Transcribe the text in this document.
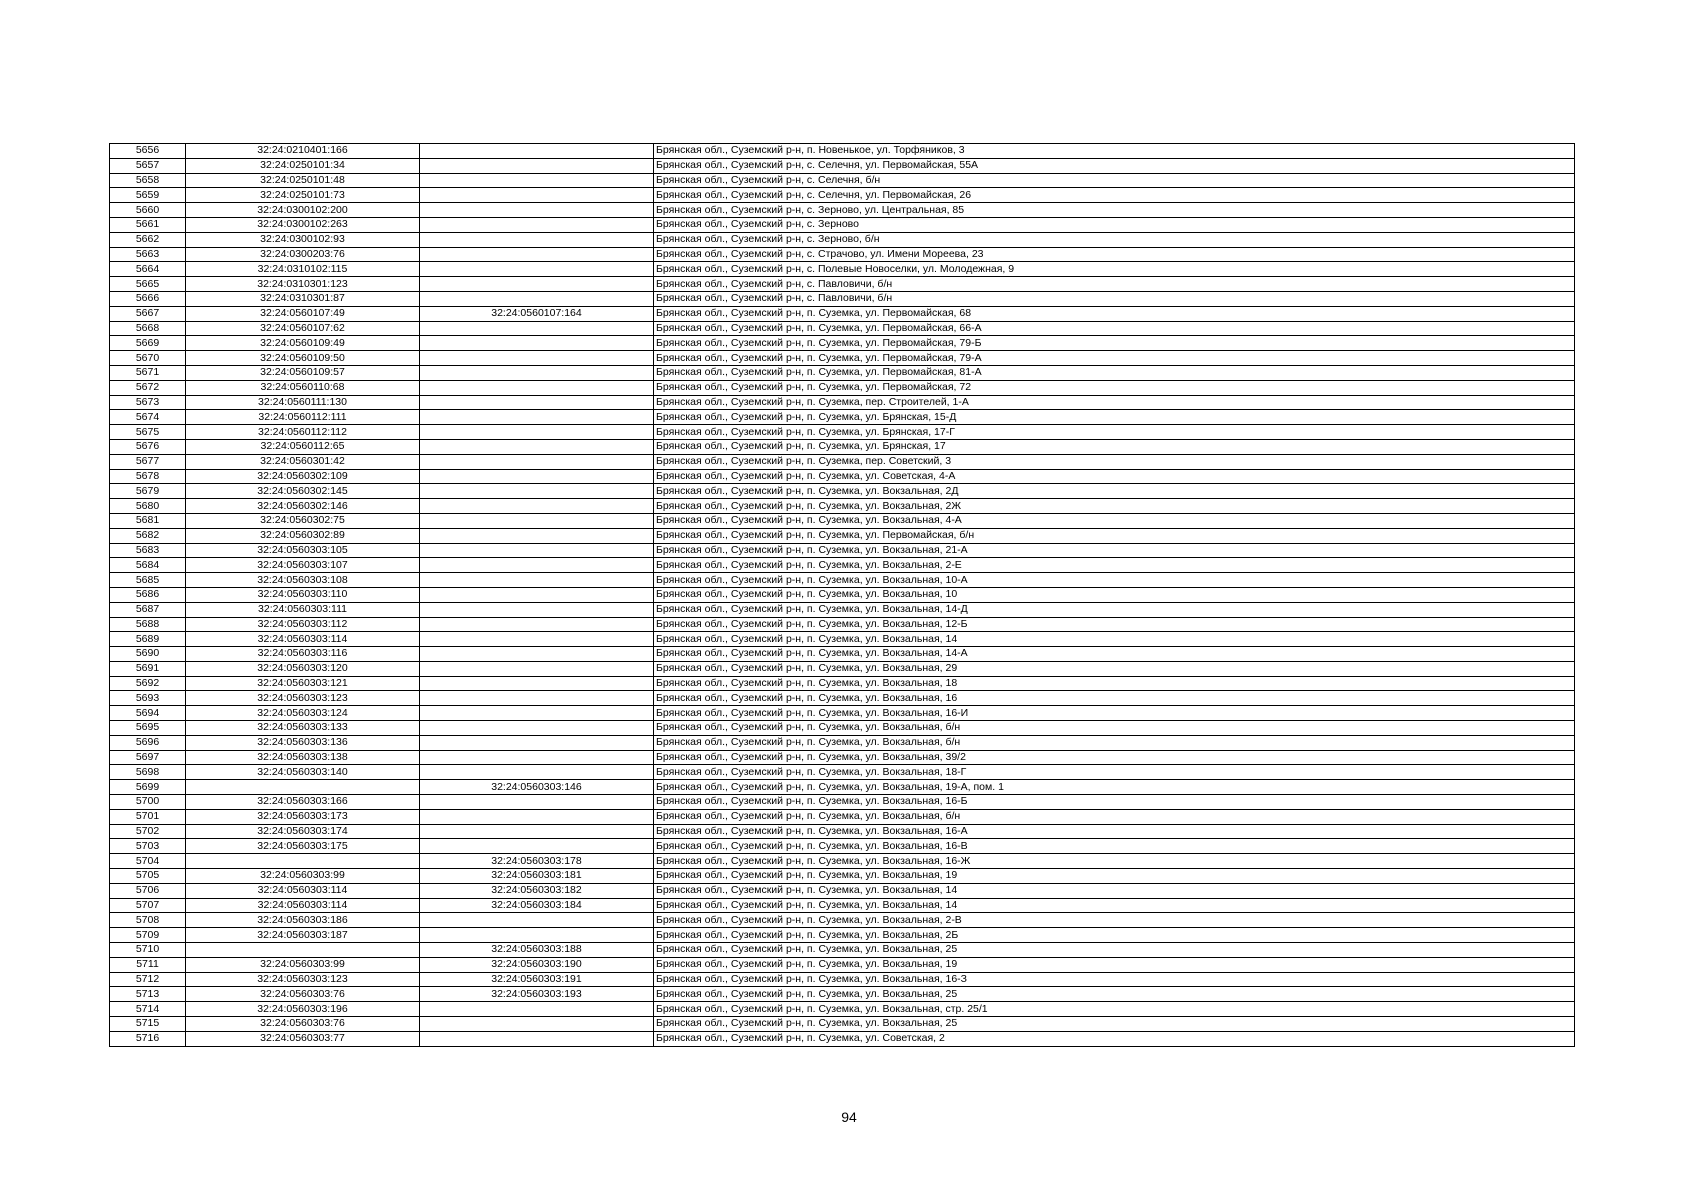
5656	32:24:0210401:166		Брянская обл., Суземский р-н, п. Новенькое, ул. Торфяников, 3
5657	32:24:0250101:34		Брянская обл., Суземский р-н, с. Селечня, ул. Первомайская, 55А
5658	32:24:0250101:48		Брянская обл., Суземский р-н, с. Селечня, б/н
5659	32:24:0250101:73		Брянская обл., Суземский р-н, с. Селечня, ул. Первомайская, 26
5660	32:24:0300102:200		Брянская обл., Суземский р-н, с. Зерново, ул. Центральная, 85
5661	32:24:0300102:263		Брянская обл., Суземский р-н, с. Зерново
5662	32:24:0300102:93		Брянская обл., Суземский р-н, с. Зерново, б/н
5663	32:24:0300203:76		Брянская обл., Суземский р-н, с. Страчово, ул. Имени Мореева, 23
5664	32:24:0310102:115		Брянская обл., Суземский р-н, с. Полевые Новоселки, ул. Молодежная, 9
5665	32:24:0310301:123		Брянская обл., Суземский р-н, с. Павловичи, б/н
5666	32:24:0310301:87		Брянская обл., Суземский р-н, с. Павловичи, б/н
5667	32:24:0560107:49	32:24:0560107:164	Брянская обл., Суземский р-н, п. Суземка, ул. Первомайская, 68
5668	32:24:0560107:62		Брянская обл., Суземский р-н, п. Суземка, ул. Первомайская, 66-А
5669	32:24:0560109:49		Брянская обл., Суземский р-н, п. Суземка, ул. Первомайская, 79-Б
5670	32:24:0560109:50		Брянская обл., Суземский р-н, п. Суземка, ул. Первомайская, 79-А
5671	32:24:0560109:57		Брянская обл., Суземский р-н, п. Суземка, ул. Первомайская, 81-А
5672	32:24:0560110:68		Брянская обл., Суземский р-н, п. Суземка, ул. Первомайская, 72
5673	32:24:0560111:130		Брянская обл., Суземский р-н, п. Суземка, пер. Строителей, 1-А
5674	32:24:0560112:111		Брянская обл., Суземский р-н, п. Суземка, ул. Брянская, 15-Д
5675	32:24:0560112:112		Брянская обл., Суземский р-н, п. Суземка, ул. Брянская, 17-Г
5676	32:24:0560112:65		Брянская обл., Суземский р-н, п. Суземка, ул. Брянская, 17
5677	32:24:0560301:42		Брянская обл., Суземский р-н, п. Суземка, пер. Советский, 3
5678	32:24:0560302:109		Брянская обл., Суземский р-н, п. Суземка, ул. Советская, 4-А
5679	32:24:0560302:145		Брянская обл., Суземский р-н, п. Суземка, ул. Вокзальная, 2Д
5680	32:24:0560302:146		Брянская обл., Суземский р-н, п. Суземка, ул. Вокзальная, 2Ж
5681	32:24:0560302:75		Брянская обл., Суземский р-н, п. Суземка, ул. Вокзальная, 4-А
5682	32:24:0560302:89		Брянская обл., Суземский р-н, п. Суземка, ул. Первомайская, б/н
5683	32:24:0560303:105		Брянская обл., Суземский р-н, п. Суземка, ул. Вокзальная, 21-А
5684	32:24:0560303:107		Брянская обл., Суземский р-н, п. Суземка, ул. Вокзальная, 2-Е
5685	32:24:0560303:108		Брянская обл., Суземский р-н, п. Суземка, ул. Вокзальная, 10-А
5686	32:24:0560303:110		Брянская обл., Суземский р-н, п. Суземка, ул. Вокзальная, 10
5687	32:24:0560303:111		Брянская обл., Суземский р-н, п. Суземка, ул. Вокзальная, 14-Д
5688	32:24:0560303:112		Брянская обл., Суземский р-н, п. Суземка, ул. Вокзальная, 12-Б
5689	32:24:0560303:114		Брянская обл., Суземский р-н, п. Суземка, ул. Вокзальная, 14
5690	32:24:0560303:116		Брянская обл., Суземский р-н, п. Суземка, ул. Вокзальная, 14-А
5691	32:24:0560303:120		Брянская обл., Суземский р-н, п. Суземка, ул. Вокзальная, 29
5692	32:24:0560303:121		Брянская обл., Суземский р-н, п. Суземка, ул. Вокзальная, 18
5693	32:24:0560303:123		Брянская обл., Суземский р-н, п. Суземка, ул. Вокзальная, 16
5694	32:24:0560303:124		Брянская обл., Суземский р-н, п. Суземка, ул. Вокзальная, 16-И
5695	32:24:0560303:133		Брянская обл., Суземский р-н, п. Суземка, ул. Вокзальная, б/н
5696	32:24:0560303:136		Брянская обл., Суземский р-н, п. Суземка, ул. Вокзальная, б/н
5697	32:24:0560303:138		Брянская обл., Суземский р-н, п. Суземка, ул. Вокзальная, 39/2
5698	32:24:0560303:140		Брянская обл., Суземский р-н, п. Суземка, ул. Вокзальная, 18-Г
5699		32:24:0560303:146	Брянская обл., Суземский р-н, п. Суземка, ул. Вокзальная, 19-А, пом. 1
5700	32:24:0560303:166		Брянская обл., Суземский р-н, п. Суземка, ул. Вокзальная, 16-Б
5701	32:24:0560303:173		Брянская обл., Суземский р-н, п. Суземка, ул. Вокзальная, б/н
5702	32:24:0560303:174		Брянская обл., Суземский р-н, п. Суземка, ул. Вокзальная, 16-А
5703	32:24:0560303:175		Брянская обл., Суземский р-н, п. Суземка, ул. Вокзальная, 16-В
5704		32:24:0560303:178	Брянская обл., Суземский р-н, п. Суземка, ул. Вокзальная, 16-Ж
5705	32:24:0560303:99	32:24:0560303:181	Брянская обл., Суземский р-н, п. Суземка, ул. Вокзальная, 19
5706	32:24:0560303:114	32:24:0560303:182	Брянская обл., Суземский р-н, п. Суземка, ул. Вокзальная, 14
5707	32:24:0560303:114	32:24:0560303:184	Брянская обл., Суземский р-н, п. Суземка, ул. Вокзальная, 14
5708	32:24:0560303:186		Брянская обл., Суземский р-н, п. Суземка, ул. Вокзальная, 2-В
5709	32:24:0560303:187		Брянская обл., Суземский р-н, п. Суземка, ул. Вокзальная, 2Б
5710		32:24:0560303:188	Брянская обл., Суземский р-н, п. Суземка, ул. Вокзальная, 25
5711	32:24:0560303:99	32:24:0560303:190	Брянская обл., Суземский р-н, п. Суземка, ул. Вокзальная, 19
5712	32:24:0560303:123	32:24:0560303:191	Брянская обл., Суземский р-н, п. Суземка, ул. Вокзальная, 16-З
5713	32:24:0560303:76	32:24:0560303:193	Брянская обл., Суземский р-н, п. Суземка, ул. Вокзальная, 25
5714	32:24:0560303:196		Брянская обл., Суземский р-н, п. Суземка, ул. Вокзальная, стр. 25/1
5715	32:24:0560303:76		Брянская обл., Суземский р-н, п. Суземка, ул. Вокзальная, 25
5716	32:24:0560303:77		Брянская обл., Суземский р-н, п. Суземка, ул. Советская, 2
94
